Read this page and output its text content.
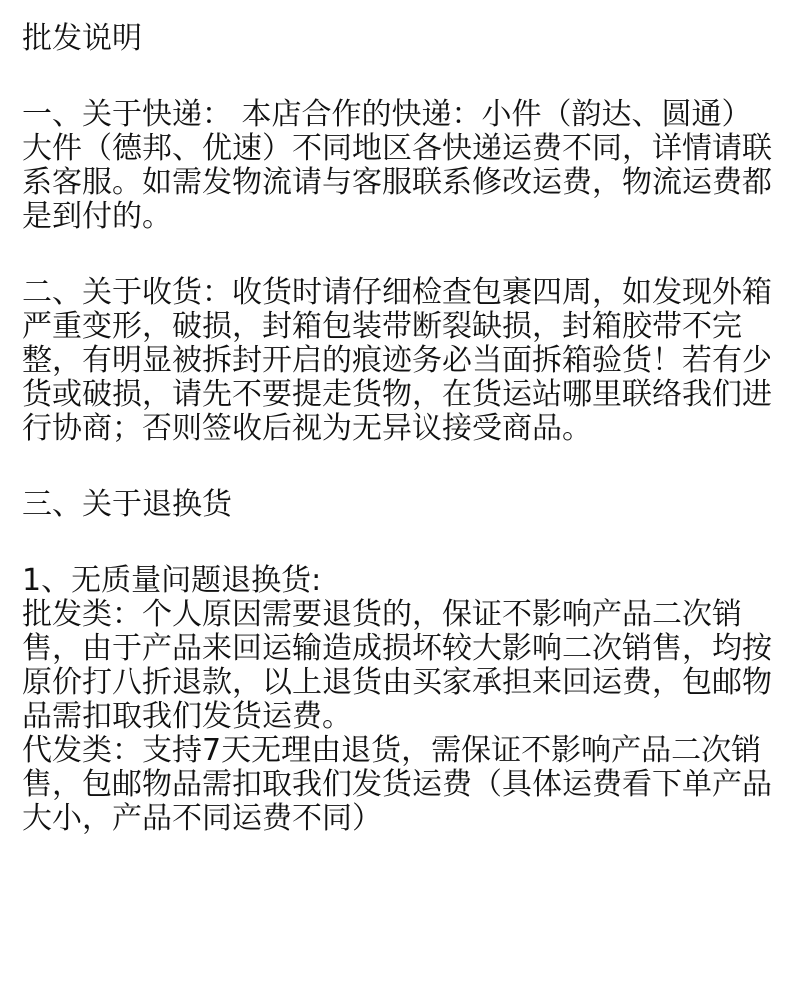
批发说明

一、关于快递： 本店合作的快递：小件（韵达、圆通）大件（德邦、优速）不同地区各快递运费不同，详情请联系客服。如需发物流请与客服联系修改运费，物流运费都是到付的。

二、关于收货：收货时请仔细检查包裹四周，如发现外箱严重变形，破损，封箱包装带断裂缺损，封箱胶带不完整，有明显被拆封开启的痕迹务必当面拆箱验货！若有少货或破损，请先不要提走货物，在货运站哪里联络我们进行协商；否则签收后视为无异议接受商品。

三、关于退换货

1、无质量问题退换货:

批发类：个人原因需要退货的，保证不影响产品二次销售，由于产品来回运输造成损坏较大影响二次销售，均按原价打八折退款，以上退货由买家承担来回运费，包邮物品需扣取我们发货运费。

代发类：支持7天无理由退货，需保证不影响产品二次销售，包邮物品需扣取我们发货运费（具体运费看下单产品大小，产品不同运费不同）
